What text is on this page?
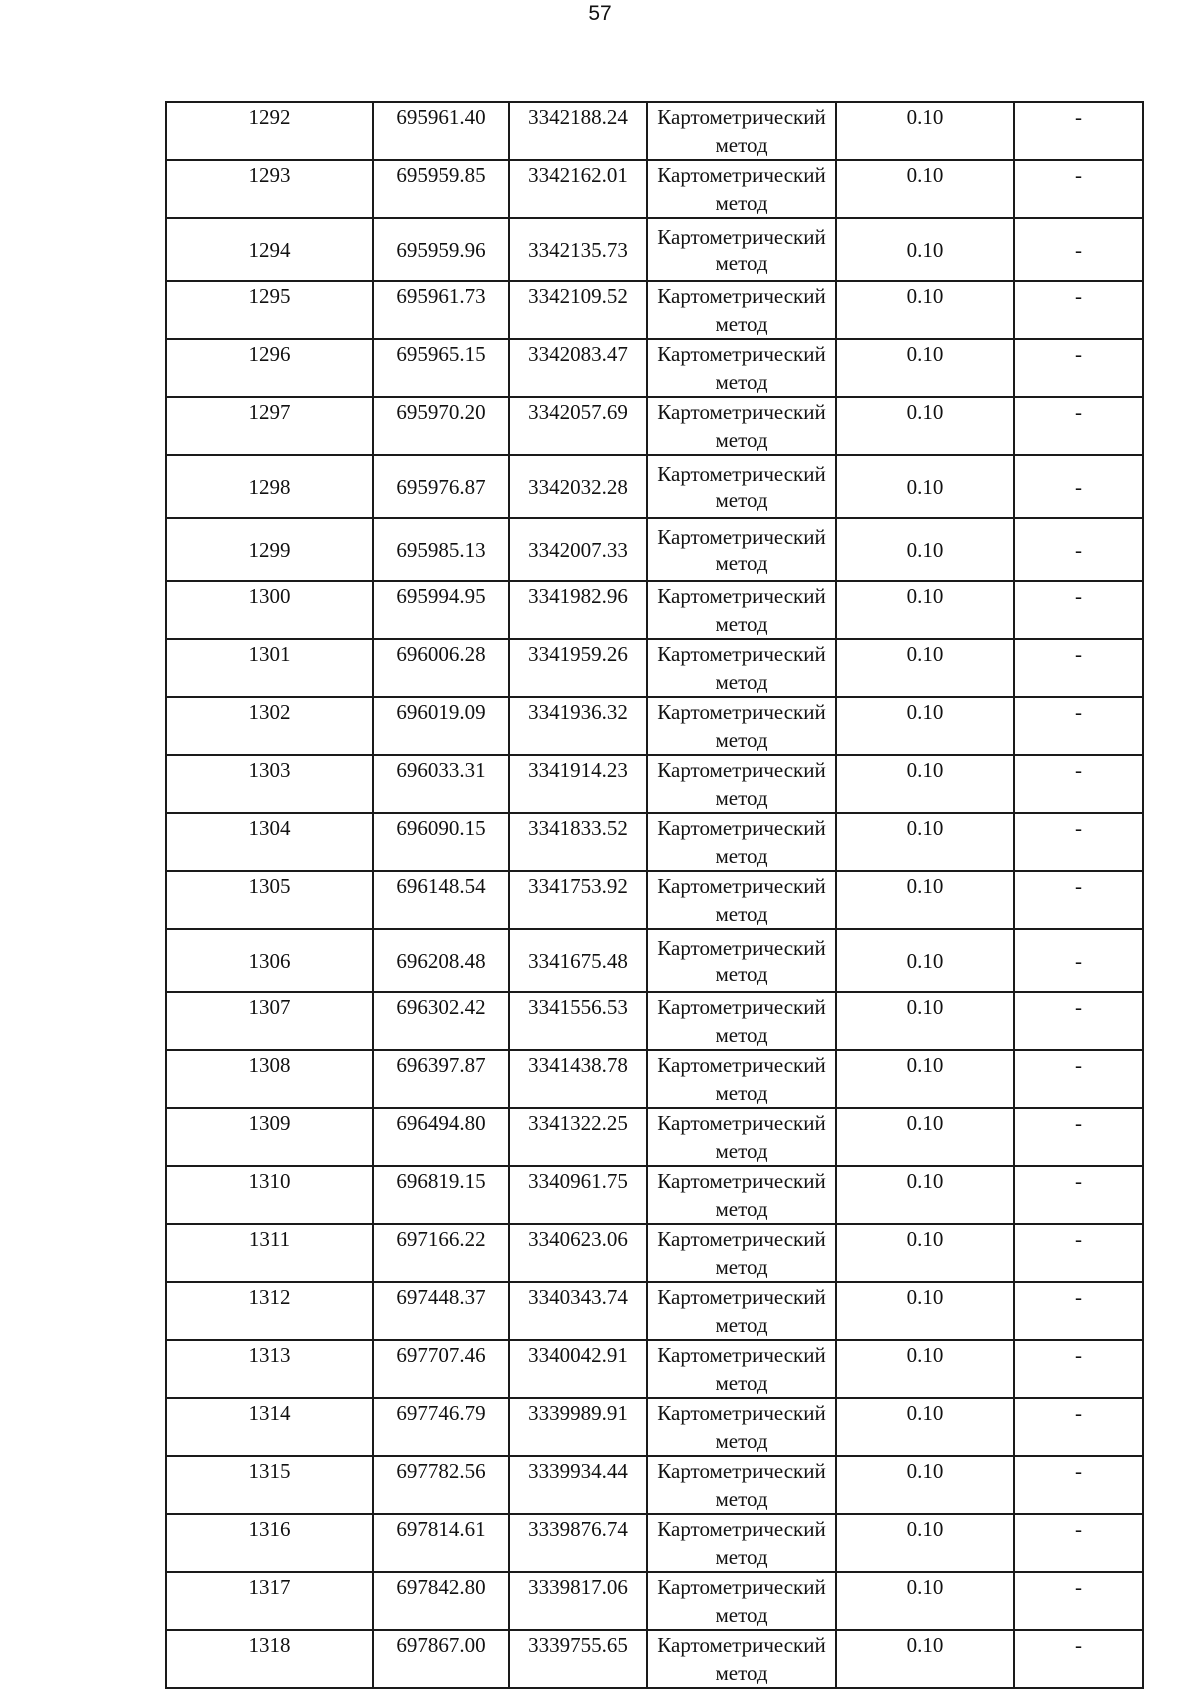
57
1292	695961.40	3342188.24	Картометрический метод	0.10	-
1293	695959.85	3342162.01	Картометрический метод	0.10	-
1294	695959.96	3342135.73	Картометрический метод	0.10	-
1295	695961.73	3342109.52	Картометрический метод	0.10	-
1296	695965.15	3342083.47	Картометрический метод	0.10	-
1297	695970.20	3342057.69	Картометрический метод	0.10	-
1298	695976.87	3342032.28	Картометрический метод	0.10	-
1299	695985.13	3342007.33	Картометрический метод	0.10	-
1300	695994.95	3341982.96	Картометрический метод	0.10	-
1301	696006.28	3341959.26	Картометрический метод	0.10	-
1302	696019.09	3341936.32	Картометрический метод	0.10	-
1303	696033.31	3341914.23	Картометрический метод	0.10	-
1304	696090.15	3341833.52	Картометрический метод	0.10	-
1305	696148.54	3341753.92	Картометрический метод	0.10	-
1306	696208.48	3341675.48	Картометрический метод	0.10	-
1307	696302.42	3341556.53	Картометрический метод	0.10	-
1308	696397.87	3341438.78	Картометрический метод	0.10	-
1309	696494.80	3341322.25	Картометрический метод	0.10	-
1310	696819.15	3340961.75	Картометрический метод	0.10	-
1311	697166.22	3340623.06	Картометрический метод	0.10	-
1312	697448.37	3340343.74	Картометрический метод	0.10	-
1313	697707.46	3340042.91	Картометрический метод	0.10	-
1314	697746.79	3339989.91	Картометрический метод	0.10	-
1315	697782.56	3339934.44	Картометрический метод	0.10	-
1316	697814.61	3339876.74	Картометрический метод	0.10	-
1317	697842.80	3339817.06	Картометрический метод	0.10	-
1318	697867.00	3339755.65	Картометрический метод	0.10	-
